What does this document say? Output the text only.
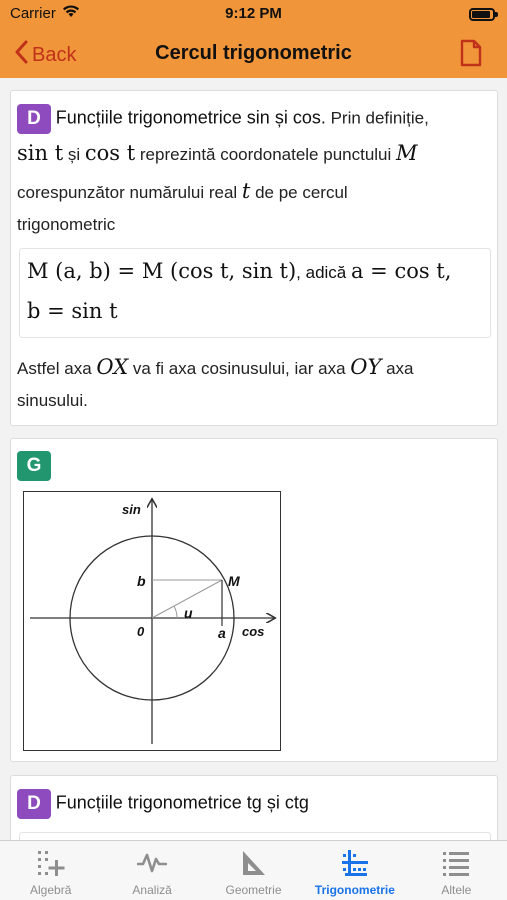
Carrier	9:12 PM
Back	Cercul trigonometric
D Funcțiile trigonometrice sin și cos. Prin definiție,
sin t și cos t reprezintă coordonatele punctului M
corespunzător numărului real t de pe cercul
trigonometric
M (a, b) = M (cos t, sin t), adică a = cos t,
b = sin t
Astfel axa OX va fi axa cosinusului, iar axa OY axa
sinusului.
G
sin
cos
0
M
b
a
u
D Funcțiile trigonometrice tg și ctg
Algebră	Analiză	Geometrie	Trigonometrie	Altele
